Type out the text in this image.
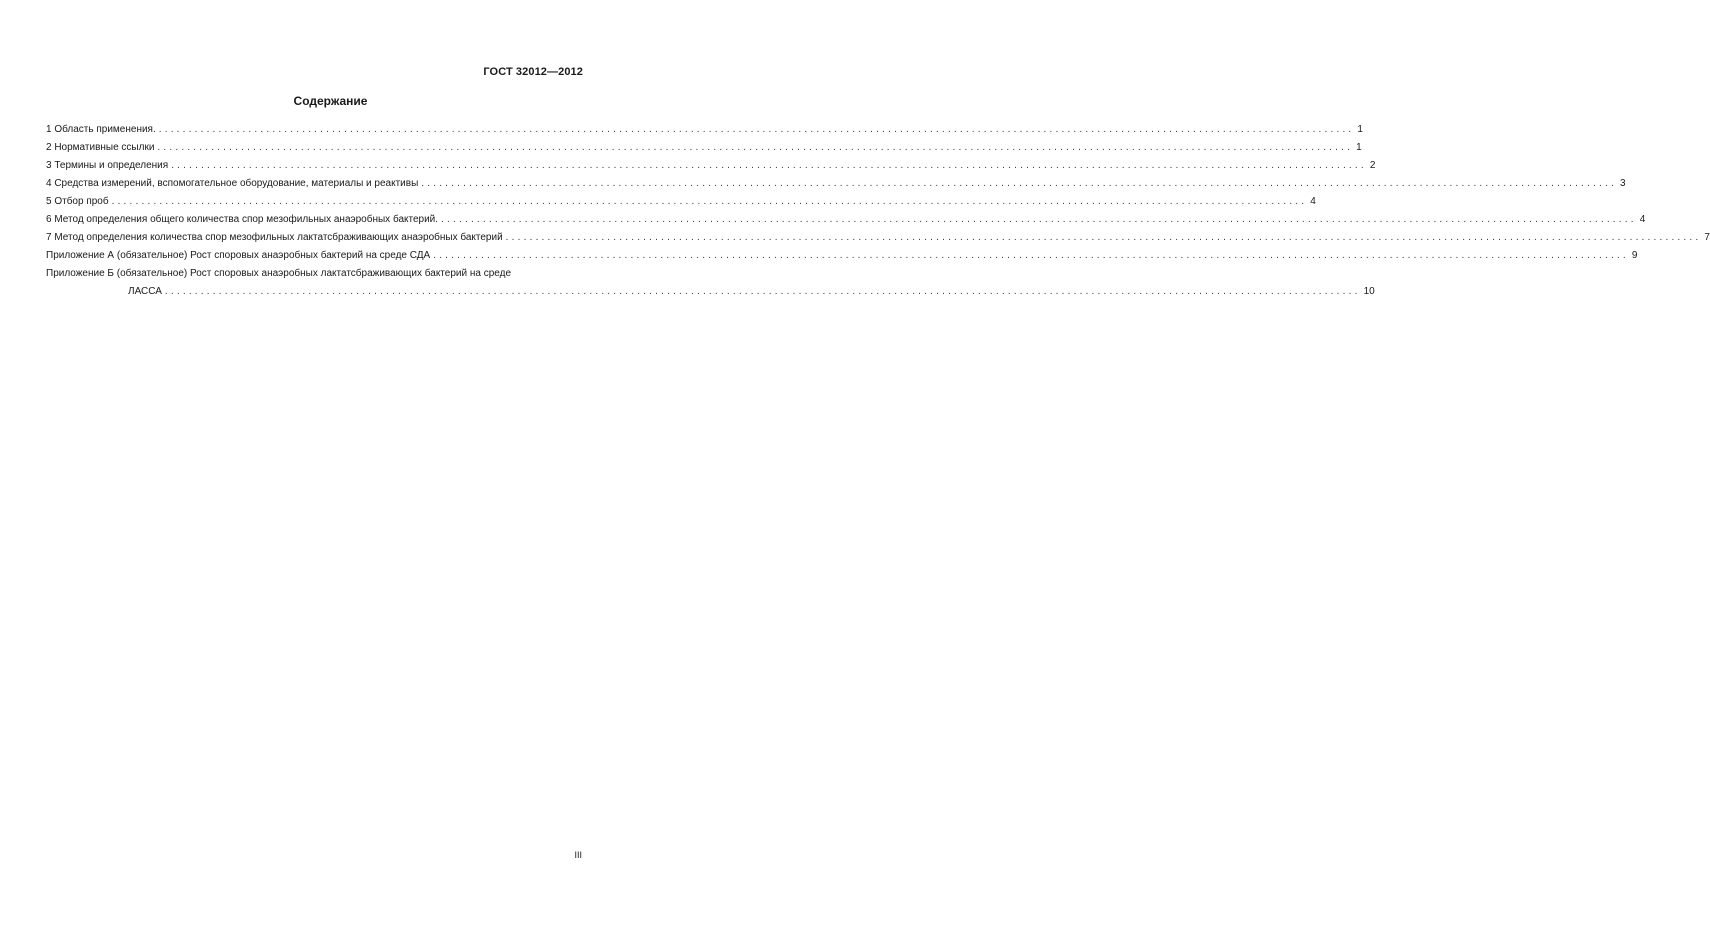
ГОСТ 32012—2012
Содержание
1 Область применения. ........................................................................................................................................................................................................ 1
2 Нормативные ссылки ........................................................................................................................................................................................................ 1
3 Термины и определения ........................................................................................................................................................................................................ 2
4 Средства измерений, вспомогательное оборудование, материалы и реактивы ........................................................................................................................................................................................................ 3
5 Отбор проб ........................................................................................................................................................................................................ 4
6 Метод определения общего количества спор мезофильных анаэробных бактерий. ........................................................................................................................................................................................................ 4
7 Метод определения количества спор мезофильных лактатсбраживающих анаэробных бактерий ........................................................................................................................................................................................................ 7
Приложение А (обязательное) Рост споровых анаэробных бактерий на среде СДА ........................................................................................................................................................................................................ 9
Приложение Б (обязательное) Рост споровых анаэробных лактатсбраживающих бактерий на среде
ЛАССА ........................................................................................................................................................................................................ 10
III
